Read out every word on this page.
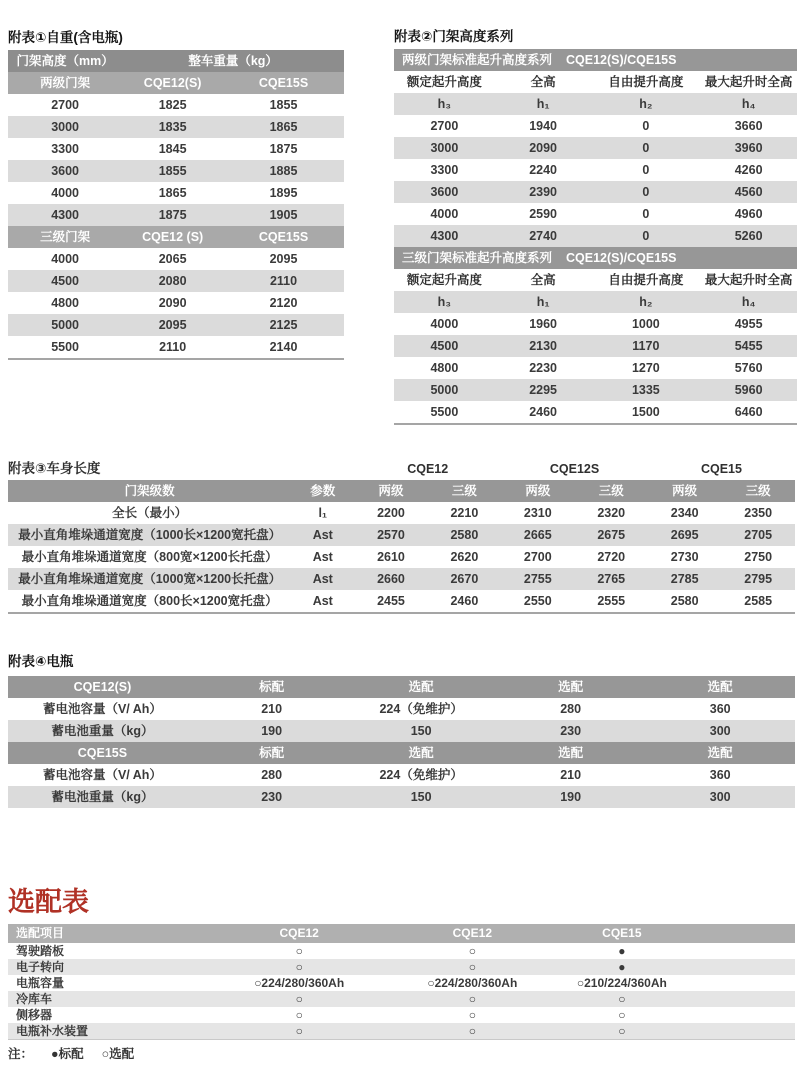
附表①自重(含电瓶)
门架高度（mm）	整车重量（kg）
两级门架	CQE12(S)	CQE15S
2700	1825	1855
3000	1835	1865
3300	1845	1875
3600	1855	1885
4000	1865	1895
4300	1875	1905
三级门架	CQE12 (S)	CQE15S
4000	2065	2095
4500	2080	2110
4800	2090	2120
5000	2095	2125
5500	2110	2140
附表②门架高度系列
两级门架标准起升高度系列 CQE12(S)/CQE15S
额定起升高度	全高	自由提升高度	最大起升时全高
h₃	h₁	h₂	h₄
2700	1940	0	3660
3000	2090	0	3960
3300	2240	0	4260
3600	2390	0	4560
4000	2590	0	4960
4300	2740	0	5260
三级门架标准起升高度系列 CQE12(S)/CQE15S
额定起升高度	全高	自由提升高度	最大起升时全高
h₃	h₁	h₂	h₄
4000	1960	1000	4955
4500	2130	1170	5455
4800	2230	1270	5760
5000	2295	1335	5960
5500	2460	1500	6460
附表③车身长度	CQE12	CQE12S	CQE15
门架级数	参数	两级	三级	两级	三级	两级	三级
全长（最小）	l₁	2200	2210	2310	2320	2340	2350
最小直角堆垛通道宽度（1000长×1200宽托盘）	Ast	2570	2580	2665	2675	2695	2705
最小直角堆垛通道宽度（800宽×1200长托盘）	Ast	2610	2620	2700	2720	2730	2750
最小直角堆垛通道宽度（1000宽×1200长托盘）	Ast	2660	2670	2755	2765	2785	2795
最小直角堆垛通道宽度（800长×1200宽托盘）	Ast	2455	2460	2550	2555	2580	2585
附表④电瓶
CQE12(S)	标配	选配	选配	选配
蓄电池容量（V/ Ah）	210	224（免维护）	280	360
蓄电池重量（kg）	190	150	230	300
CQE15S	标配	选配	选配	选配
蓄电池容量（V/ Ah）	280	224（免维护）	210	360
蓄电池重量（kg）	230	150	190	300
选配表
选配项目	CQE12	CQE12	CQE15
驾驶踏板	○	○	●
电子转向	○	○	●
电瓶容量	○224/280/360Ah	○224/280/360Ah	○210/224/360Ah
冷库车	○	○	○
侧移器	○	○	○
电瓶补水装置	○	○	○
注： ●标配 ○选配
